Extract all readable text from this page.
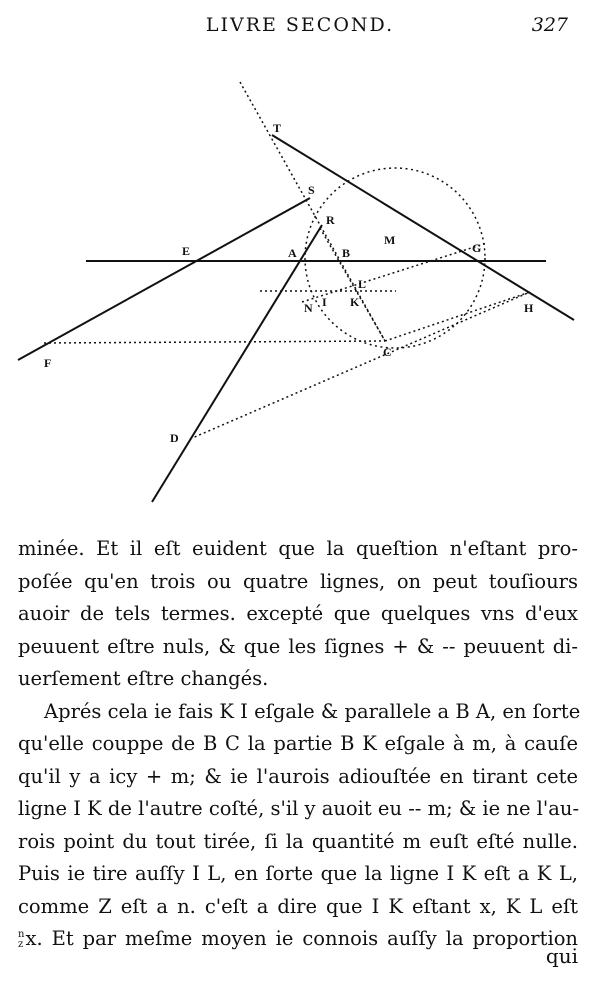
LIVRE SECOND.	327
T
S
R
M
E	A	B	G
L
N I K	H
C
F
D
minée. Et il eſt euident que la queſtion n'eſtant pro-
poſée qu'en trois ou quatre lignes, on peut touſiours
auoir de tels termes. excepté que quelques vns d'eux
peuuent eſtre nuls, & que les ſignes + & -- peuuent di-
uerſement eſtre changés.
Aprés cela ie fais K I eſgale & parallele a B A, en ſorte
qu'elle couppe de B C la partie B K eſgale à m, à cauſe
qu'il y a icy + m; & ie l'aurois adiouſtée en tirant cete
ligne I K de l'autre coſté, s'il y auoit eu -- m; & ie ne l'au-
rois point du tout tirée, ſi la quantité m euſt eſté nulle.
Puis ie tire auſſy I L, en ſorte que la ligne I K eſt a K L,
comme Z eſt a n. c'eſt a dire que I K eſtant x, K L eſt
n
z x. Et par meſme moyen ie connois auſſy la proportion
qui
